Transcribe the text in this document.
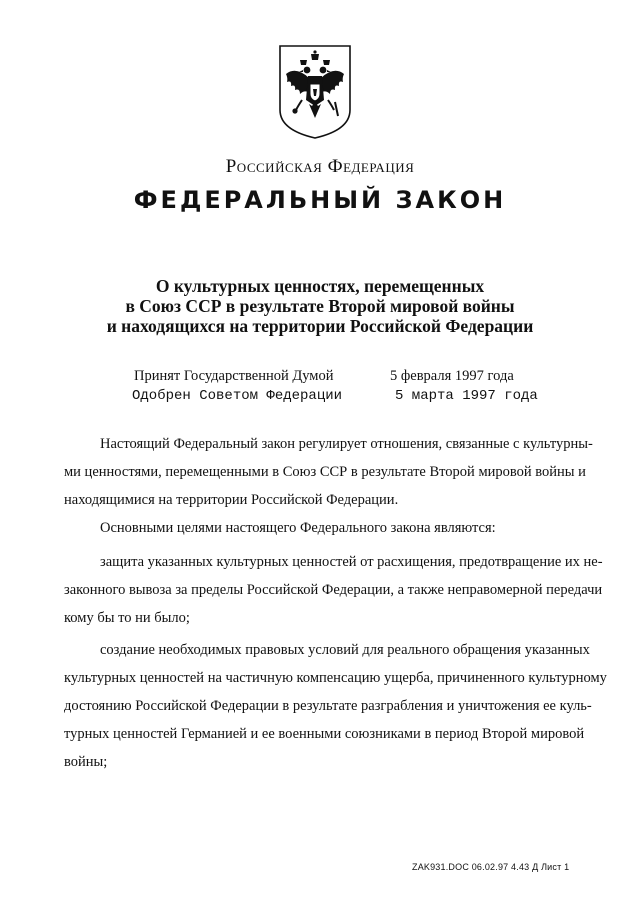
Российская Федерация
ФЕДЕРАЛЬНЫЙ ЗАКОН
О культурных ценностях, перемещенных
в Союз ССР в результате Второй мировой войны
и находящихся на территории Российской Федерации
Принят Государственной Думой	5 февраля 1997 года
Одобрен Советом Федерации	5 марта 1997 года
Настоящий Федеральный закон регулирует отношения, связанные с культурны-
ми ценностями, перемещенными в Союз ССР в результате Второй мировой войны и
находящимися на территории Российской Федерации.
Основными целями настоящего Федерального закона являются:
защита указанных культурных ценностей от расхищения, предотвращение их не-
законного вывоза за пределы Российской Федерации, а также неправомерной передачи
кому бы то ни было;
создание необходимых правовых условий для реального обращения указанных
культурных ценностей на частичную компенсацию ущерба, причиненного культурному
достоянию Российской Федерации в результате разграбления и уничтожения ее куль-
турных ценностей Германией и ее военными союзниками в период Второй мировой
войны;
ZAK931.DOC 06.02.97 4.43 Д Лист 1
